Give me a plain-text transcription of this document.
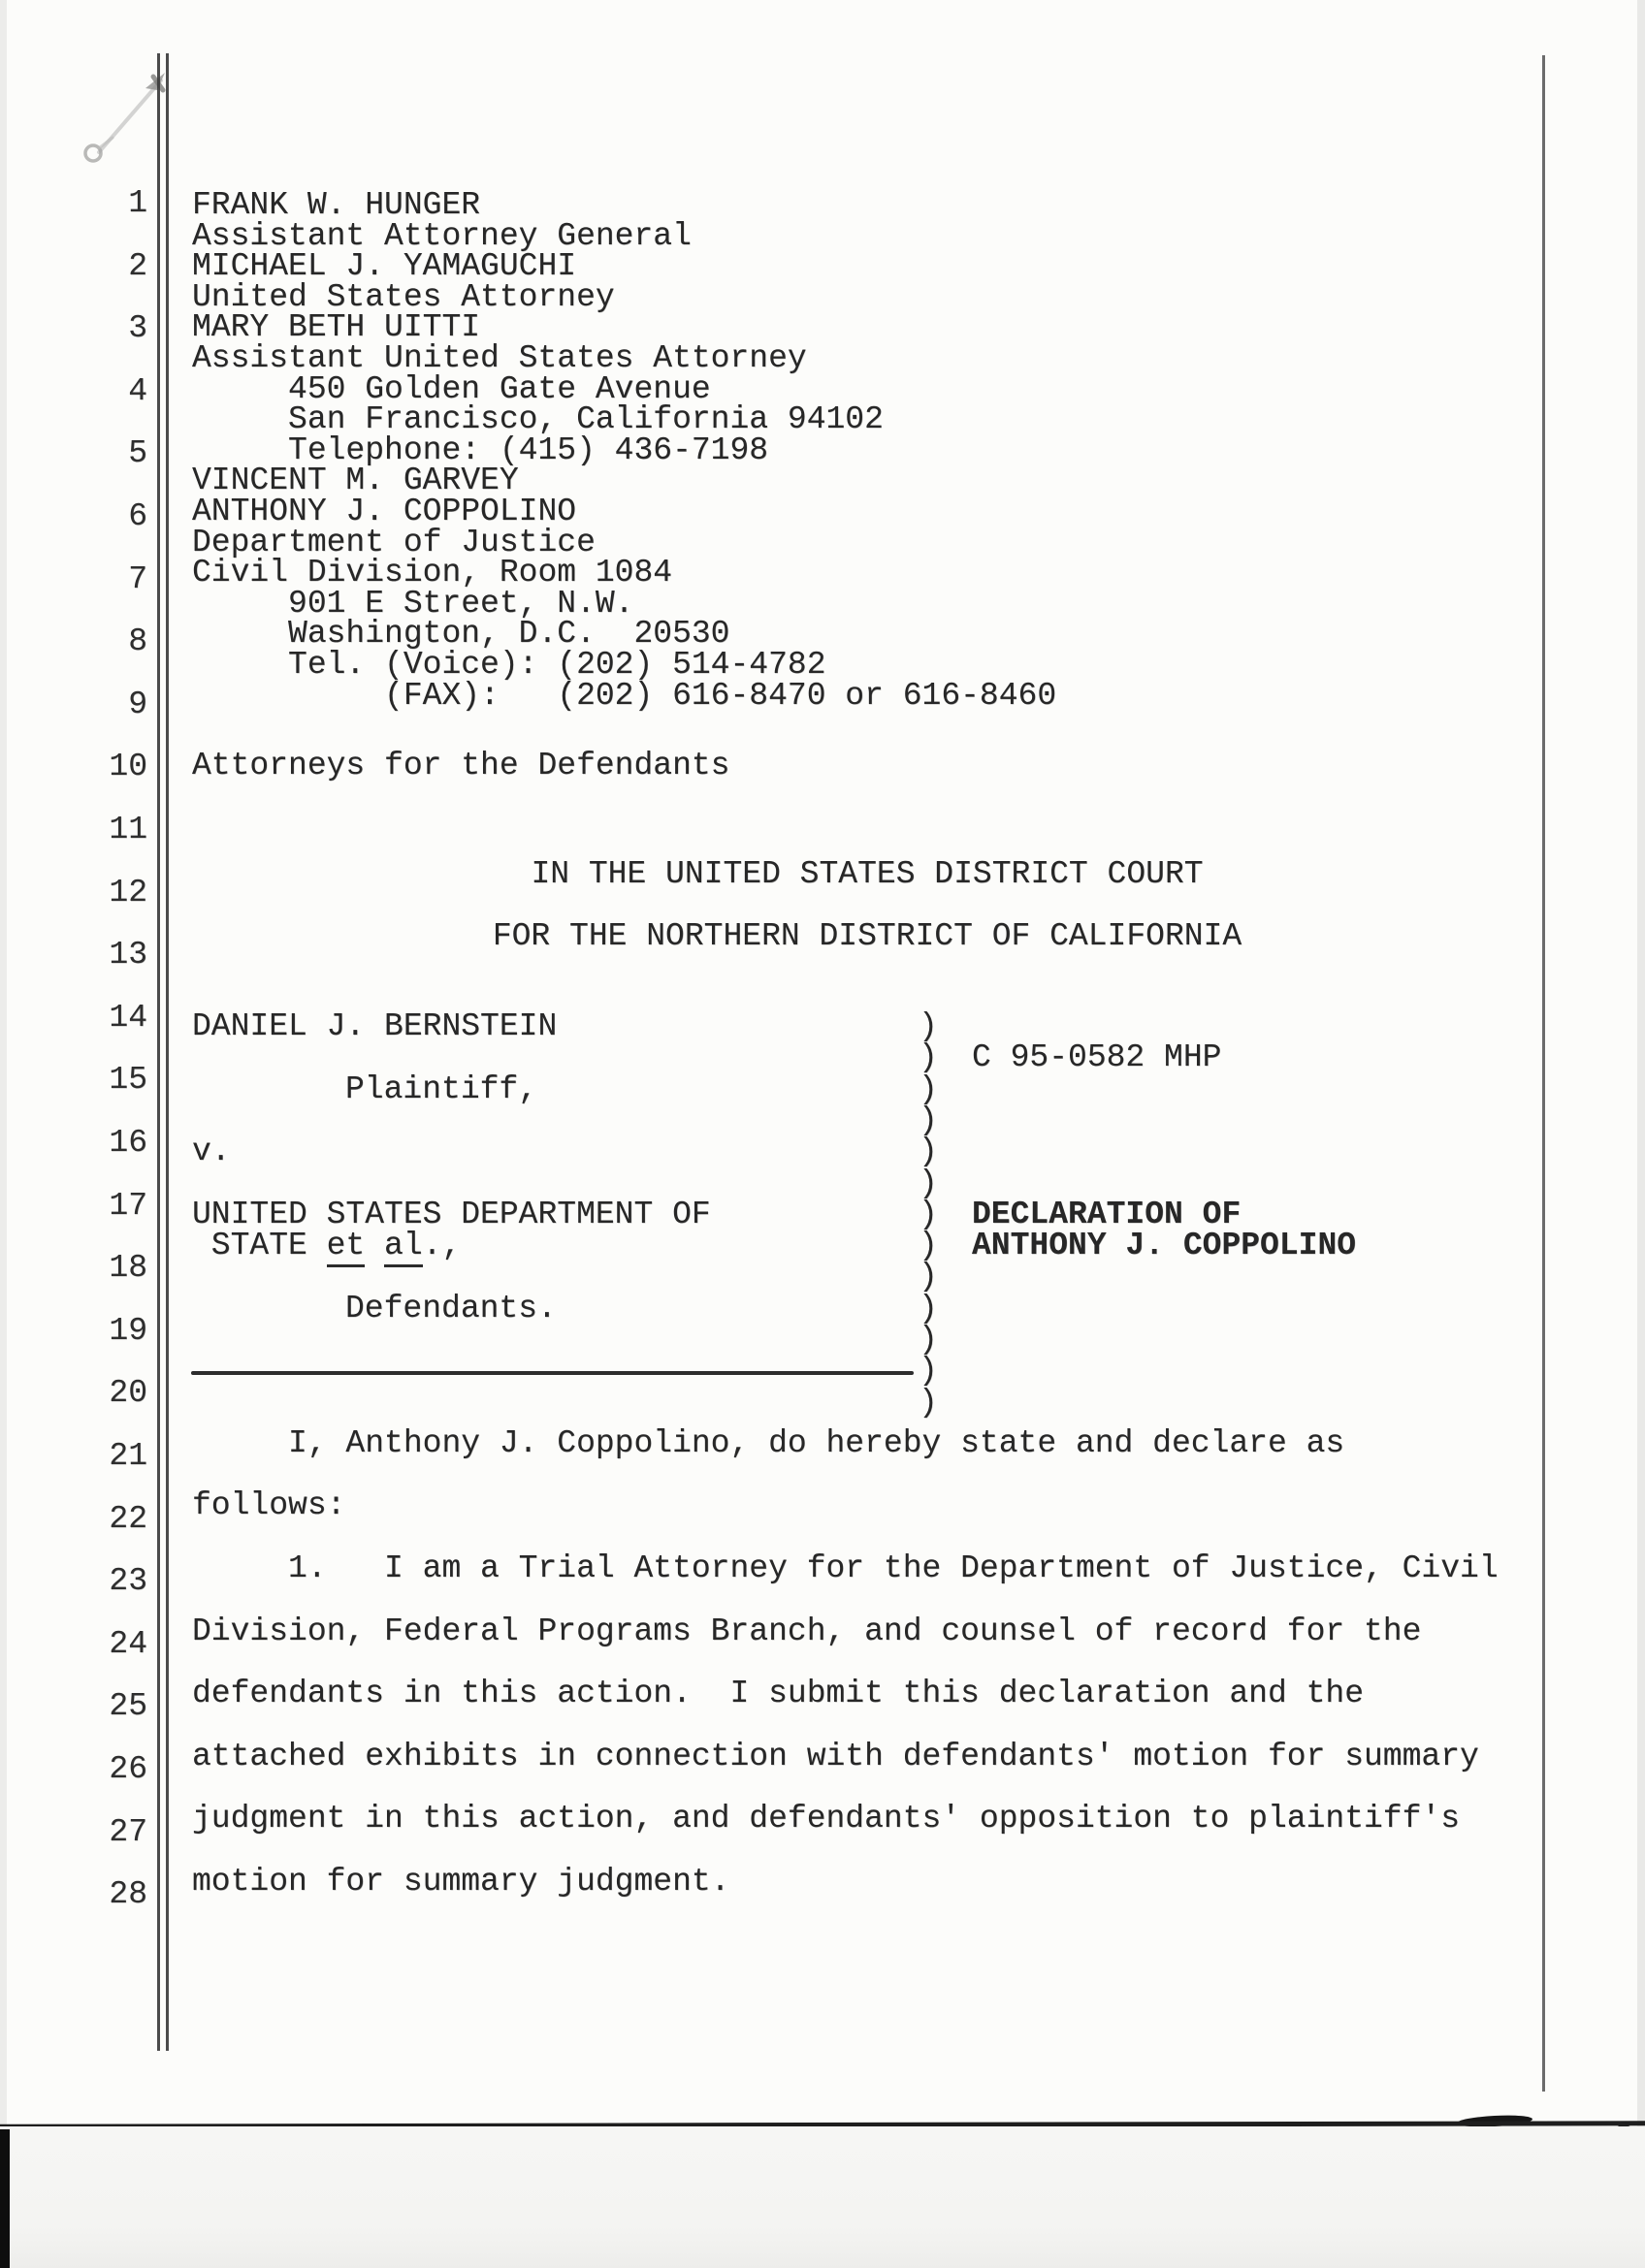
1
2
3
4
5
6
7
8
9
10
11
12
13
14
15
16
17
18
19
20
21
22
23
24
25
26
27
28
FRANK W. HUNGER
Assistant Attorney General
MICHAEL J. YAMAGUCHI
United States Attorney
MARY BETH UITTI
Assistant United States Attorney
450 Golden Gate Avenue
San Francisco, California 94102
Telephone: (415) 436-7198
VINCENT M. GARVEY
ANTHONY J. COPPOLINO
Department of Justice
Civil Division, Room 1084
901 E Street, N.W.
Washington, D.C.  20530
Tel. (Voice): (202) 514-4782
(FAX):   (202) 616-8470 or 616-8460
Attorneys for the Defendants
IN THE UNITED STATES DISTRICT COURT
FOR THE NORTHERN DISTRICT OF CALIFORNIA
DANIEL J. BERNSTEIN
Plaintiff,
v.
UNITED STATES DEPARTMENT OF
STATE et al.,
Defendants.
)
)
)
)
)
)
)
)
)
)
)
)
)
C 95-0582 MHP
DECLARATION OF
ANTHONY J. COPPOLINO
I, Anthony J. Coppolino, do hereby state and declare as
follows:
1.   I am a Trial Attorney for the Department of Justice, Civil
Division, Federal Programs Branch, and counsel of record for the
defendants in this action.  I submit this declaration and the
attached exhibits in connection with defendants' motion for summary
judgment in this action, and defendants' opposition to plaintiff's
motion for summary judgment.
